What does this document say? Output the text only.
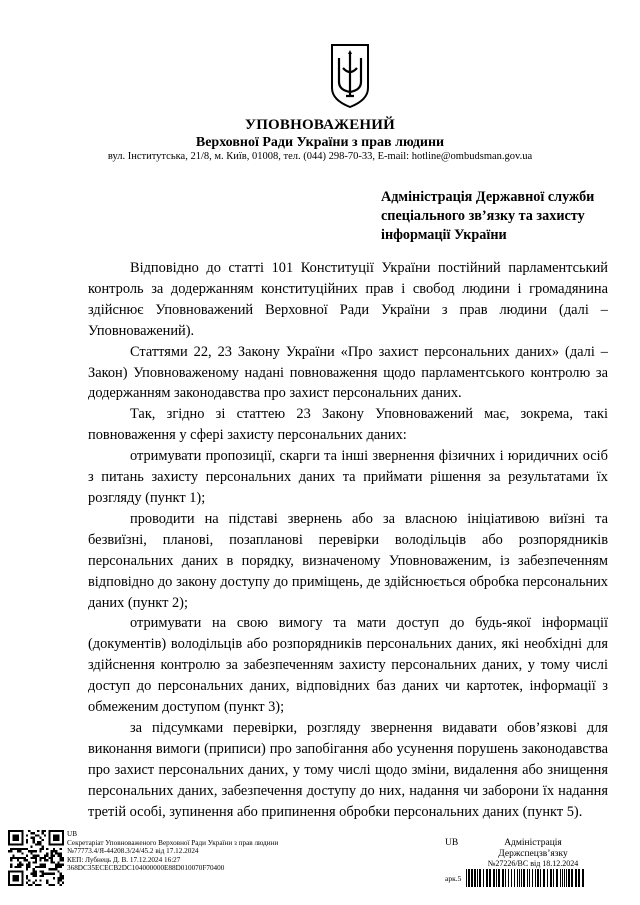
УПОВНОВАЖЕНИЙ
Верховної Ради України з прав людини
вул. Інститутська, 21/8, м. Київ, 01008, тел. (044) 298-70-33, E-mail: hotline@ombudsman.gov.ua
Адміністрація Державної служби
спеціального зв’язку та захисту
інформації України

Відповідно до статті 101 Конституції України постійний парламентський контроль за додержанням конституційних прав і свобод людини і громадянина здійснює Уповноважений Верховної Ради України з прав людини (далі – Уповноважений).

Статтями 22, 23 Закону України «Про захист персональних даних» (далі – Закон) Уповноваженому надані повноваження щодо парламентського контролю за додержанням законодавства про захист персональних даних.

Так, згідно зі статтею 23 Закону Уповноважений має, зокрема, такі повноваження у сфері захисту персональних даних:

отримувати пропозиції, скарги та інші звернення фізичних і юридичних осіб з питань захисту персональних даних та приймати рішення за результатами їх розгляду (пункт 1);

проводити на підставі звернень або за власною ініціативою виїзні та безвиїзні, планові, позапланові перевірки володільців або розпорядників персональних даних в порядку, визначеному Уповноваженим, із забезпеченням відповідно до закону доступу до приміщень, де здійснюється обробка персональних даних (пункт 2);

отримувати на свою вимогу та мати доступ до будь-якої інформації (документів) володільців або розпорядників персональних даних, які необхідні для здійснення контролю за забезпеченням захисту персональних даних, у тому числі доступ до персональних даних, відповідних баз даних чи картотек, інформації з обмеженим доступом (пункт 3);

за підсумками перевірки, розгляду звернення видавати обов’язкові для виконання вимоги (приписи) про запобігання або усунення порушень законодавства про захист персональних даних, у тому числі щодо зміни, видалення або знищення персональних даних, забезпечення доступу до них, надання чи заборони їх надання третій особі, зупинення або припинення обробки персональних даних (пункт 5).

UB
Секретаріат Уповноваженого Верховної Ради України з прав людини
№77773.4/Я-44208.3/24/45.2 від 17.12.2024
КЕП: Лубнець Д. В. 17.12.2024 16:27
368DC35ECECB2DC104000000E88D010070F70400
UB	Адміністрація
Держспецзв’язку
№27226/ВС від 18.12.2024
арк.5
